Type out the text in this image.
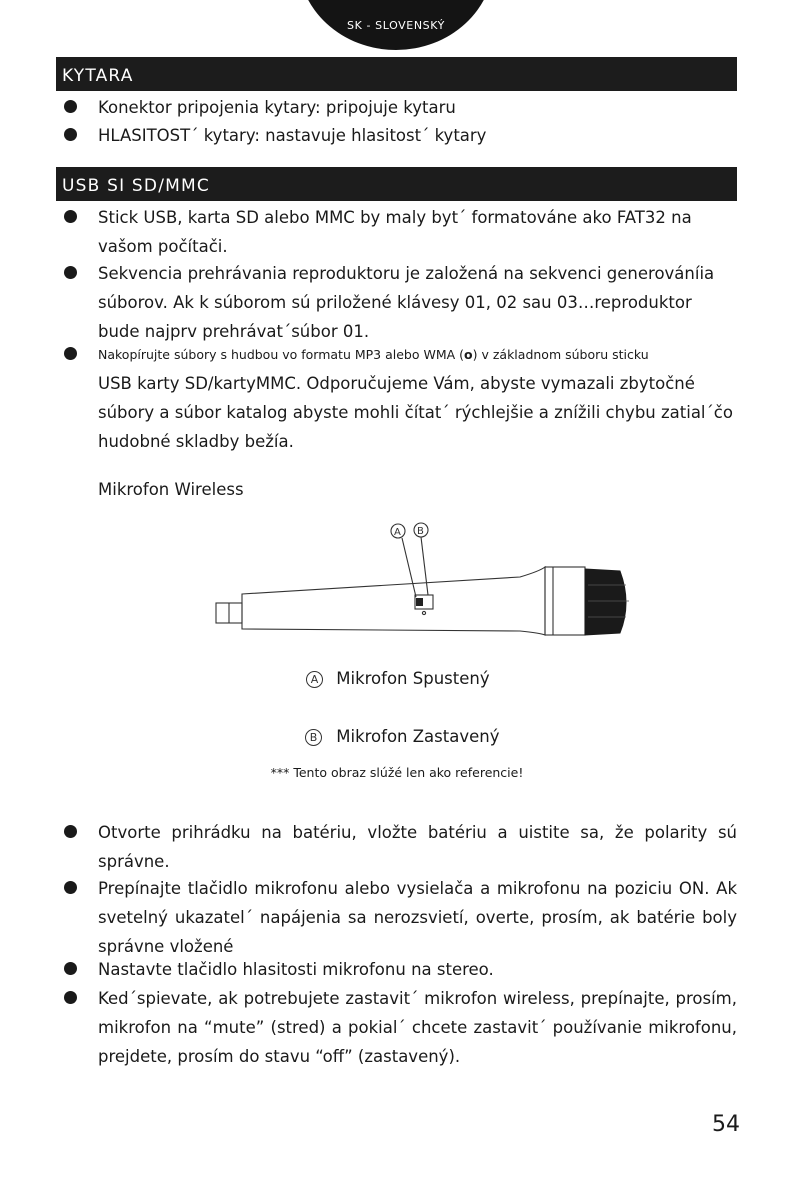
SK - SLOVENSKÝ
KYTARA
Konektor pripojenia kytary: pripojuje kytaru
HLASITOST´ kytary: nastavuje hlasitost´ kytary
USB SI SD/MMC
Stick USB, karta SD alebo MMC by maly byt´ formatováne ako FAT32 na vašom počítači.
Sekvencia prehrávania reproduktoru je založená na sekvenci generováníia súborov. Ak k súborom sú priložené klávesy 01, 02 sau 03…reproduktor bude najprv prehrávat´súbor 01.
Nakopírujte súbory s hudbou vo formatu MP3 alebo WMA (o) v základnom súboru sticku
USB karty SD/kartyMMC. Odporučujeme Vám, abyste vymazali zbytočné súbory a súbor katalog abyste mohli čítat´ rýchlejšie a znížili chybu zatial´čo hudobné skladby bežía.
Mikrofon Wireless
A B
A Mikrofon Spustený
B Mikrofon Zastavený
*** Tento obraz slúžé len ako referencie!
Otvorte prihrádku na batériu, vložte batériu a uistite sa, že polarity sú správne.
Prepínajte tlačidlo mikrofonu alebo vysielača a mikrofonu na poziciu ON. Ak svetelný ukazatel´ napájenia sa nerozsvietí, overte, prosím, ak batérie boly správne vložené
Nastavte tlačidlo hlasitosti mikrofonu na stereo.
Ked´spievate, ak potrebujete zastavit´ mikrofon wireless, prepínajte, prosím, mikrofon na “mute” (stred) a pokial´ chcete zastavit´ používanie mikrofonu, prejdete, prosím do stavu “off” (zastavený).
54
